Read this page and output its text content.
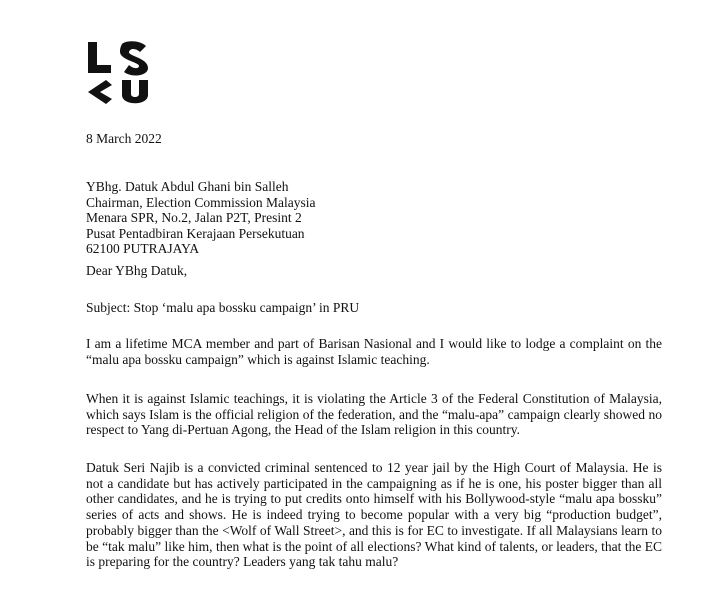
LSKU
8 March 2022
YBhg. Datuk Abdul Ghani bin Salleh
Chairman, Election Commission Malaysia
Menara SPR, No.2, Jalan P2T, Presint 2
Pusat Pentadbiran Kerajaan Persekutuan
62100 PUTRAJAYA
Dear YBhg Datuk,
Subject: Stop ‘malu apa bossku campaign’ in PRU
I am a lifetime MCA member and part of Barisan Nasional and I would like to lodge a complaint on the “malu apa bossku campaign” which is against Islamic teaching.
When it is against Islamic teachings, it is violating the Article 3 of the Federal Constitution of Malaysia, which says Islam is the official religion of the federation, and the “malu-apa” campaign clearly showed no respect to Yang di-Pertuan Agong, the Head of the Islam religion in this country.
Datuk Seri Najib is a convicted criminal sentenced to 12 year jail by the High Court of Malaysia. He is not a candidate but has actively participated in the campaigning as if he is one, his poster bigger than all other candidates, and he is trying to put credits onto himself with his Bollywood-style “malu apa bossku” series of acts and shows. He is indeed trying to become popular with a very big “production budget”, probably bigger than the <Wolf of Wall Street>, and this is for EC to investigate. If all Malaysians learn to be “tak malu” like him, then what is the point of all elections? What kind of talents, or leaders, that the EC is preparing for the country? Leaders yang tak tahu malu?
